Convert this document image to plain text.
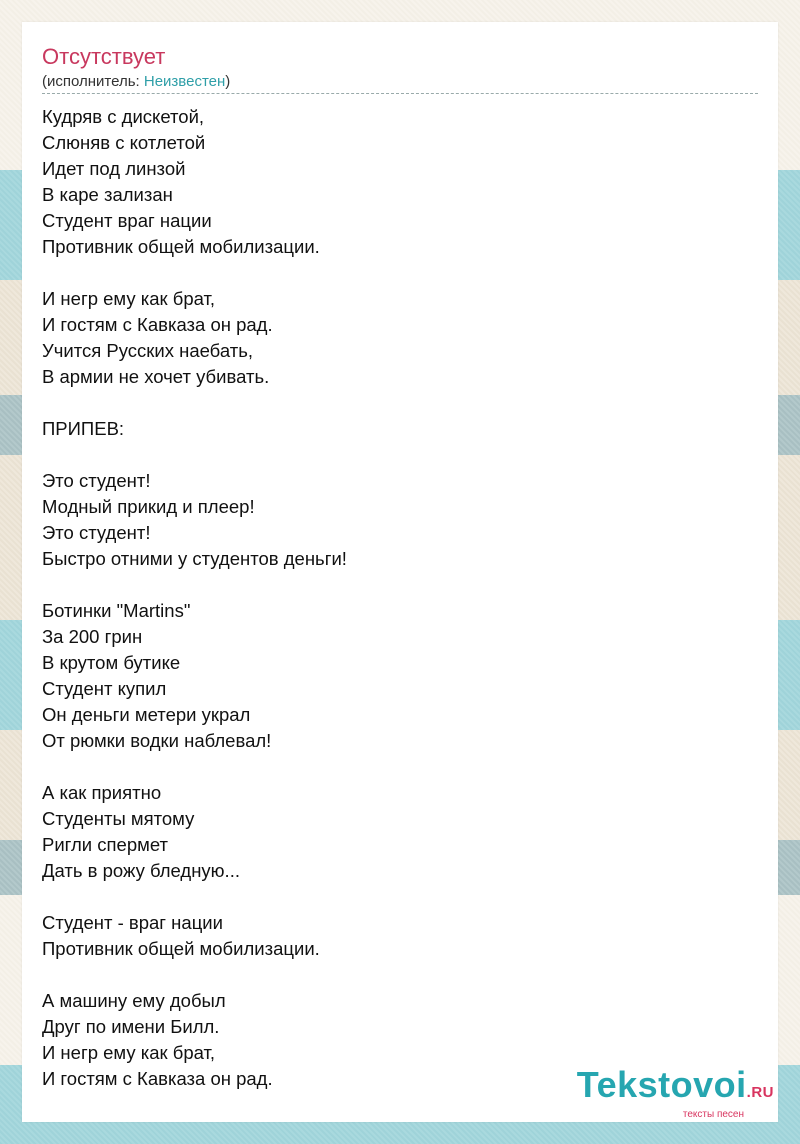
Отсутствует
(исполнитель: Неизвестен)
Кудряв с дискетой,
Слюняв с котлетой
Идет под линзой
В каре зализан
Студент враг нации
Противник общей мобилизации.
И негр ему как брат,
И гостям с Кавказа он рад.
Учится Русских наебать,
В армии не хочет убивать.
ПРИПЕВ:
Это студент!
Модный прикид и плеер!
Это студент!
Быстро отними у студентов деньги!
Ботинки "Martins"
За 200 грин
В крутом бутике
Студент купил
Он деньги метери украл
От рюмки водки наблевал!
А как приятно
Студенты мятому
Ригли спермет
Дать в рожу бледную...
Студент - враг нации
Противник общей мобилизации.
А машину ему добыл
Друг по имени Билл.
И негр ему как брат,
И гостям с Кавказа он рад.	Tekstovoi.RU
тексты песен
